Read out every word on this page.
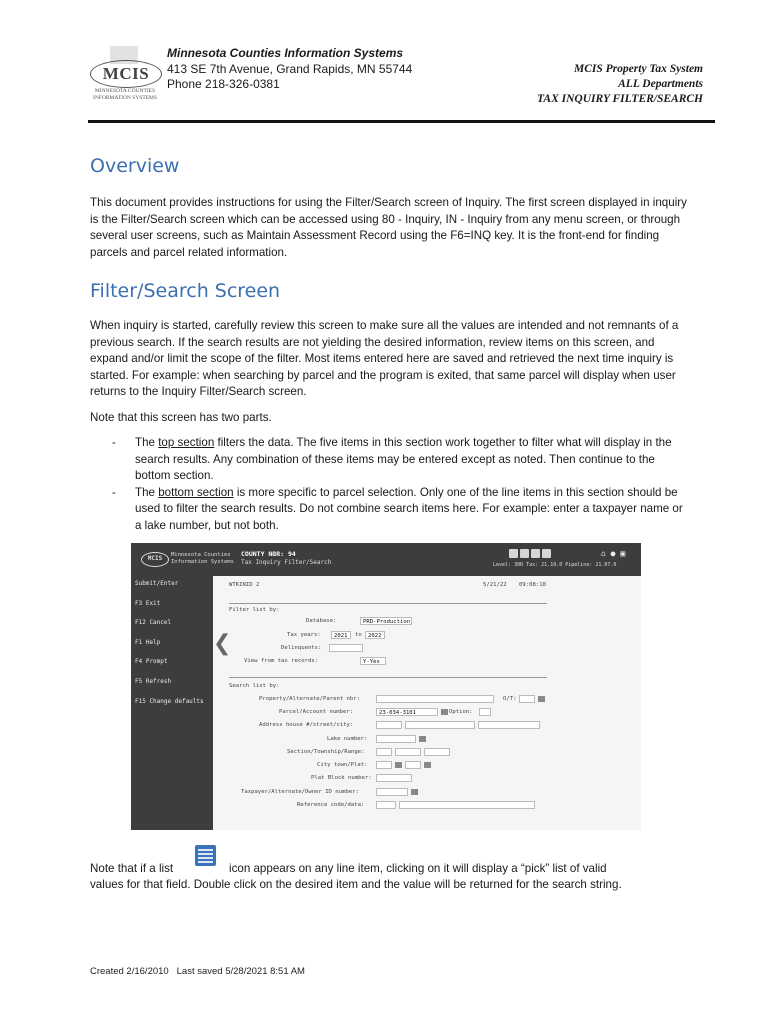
MCIS
MINNESOTA COUNTIES INFORMATION SYSTEMS
Minnesota Counties Information Systems
413 SE 7th Avenue, Grand Rapids, MN 55744
Phone 218-326-0381
MCIS Property Tax System
ALL Departments
TAX INQUIRY FILTER/SEARCH
Overview

This document provides instructions for using the Filter/Search screen of Inquiry. The first screen displayed in inquiry is the Filter/Search screen which can be accessed using 80 - Inquiry, IN - Inquiry from any menu screen, or through several user screens, such as Maintain Assessment Record using the F6=INQ key. It is the front-end for finding parcels and parcel related information.

Filter/Search Screen

When inquiry is started, carefully review this screen to make sure all the values are intended and not remnants of a previous search. If the search results are not yielding the desired information, review items on this screen, and expand and/or limit the scope of the filter. Most items entered here are saved and retrieved the next time inquiry is started. For example: when searching by parcel and the program is exited, that same parcel will display when user returns to the Inquiry Filter/Search screen.

Note that this screen has two parts.

- The top section filters the data. The five items in this section work together to filter what will display in the search results. Any combination of these items may be entered except as noted. Then continue to the bottom section.
- The bottom section is more specific to parcel selection. Only one of the line items in this section should be used to filter the search results. Do not combine search items here. For example: enter a taxpayer name or a lake number, but not both.
MCIS	Minnesota Counties
Information Systems
COUNTY NBR: 94
Tax Inquiry Filter/Search
⌂ ● ▣
Level: 30R Tax: 21.10.0 Pipeline: 21.07.0
Submit/Enter
F3 Exit
F12 Cancel
F1 Help
F4 Prompt
F5 Refresh
F15 Change defaults
❮
WTKINID 2	5/21/22 09:08:18
Filter list by:
Database:	PRD-Production
Tax years:	2021	to	2022
Delinquents:
View from tax records:	Y-Yes
Search list by:
Property/Alternate/Parent nbr:	O/T:
Parcel/Account number:	23-034-3101	Option:
Address house #/street/city:
Lake number:
Section/Township/Range:
City town/Plat:
Plat Block number:
Taxpayer/Alternate/Owner ID number:
Reference code/data:
Note that if a list	icon appears on any line item, clicking on it will display a “pick” list of valid
values for that field. Double click on the desired item and the value will be returned for the search string.
Created 2/16/2010 Last saved 5/28/2021 8:51 AM
